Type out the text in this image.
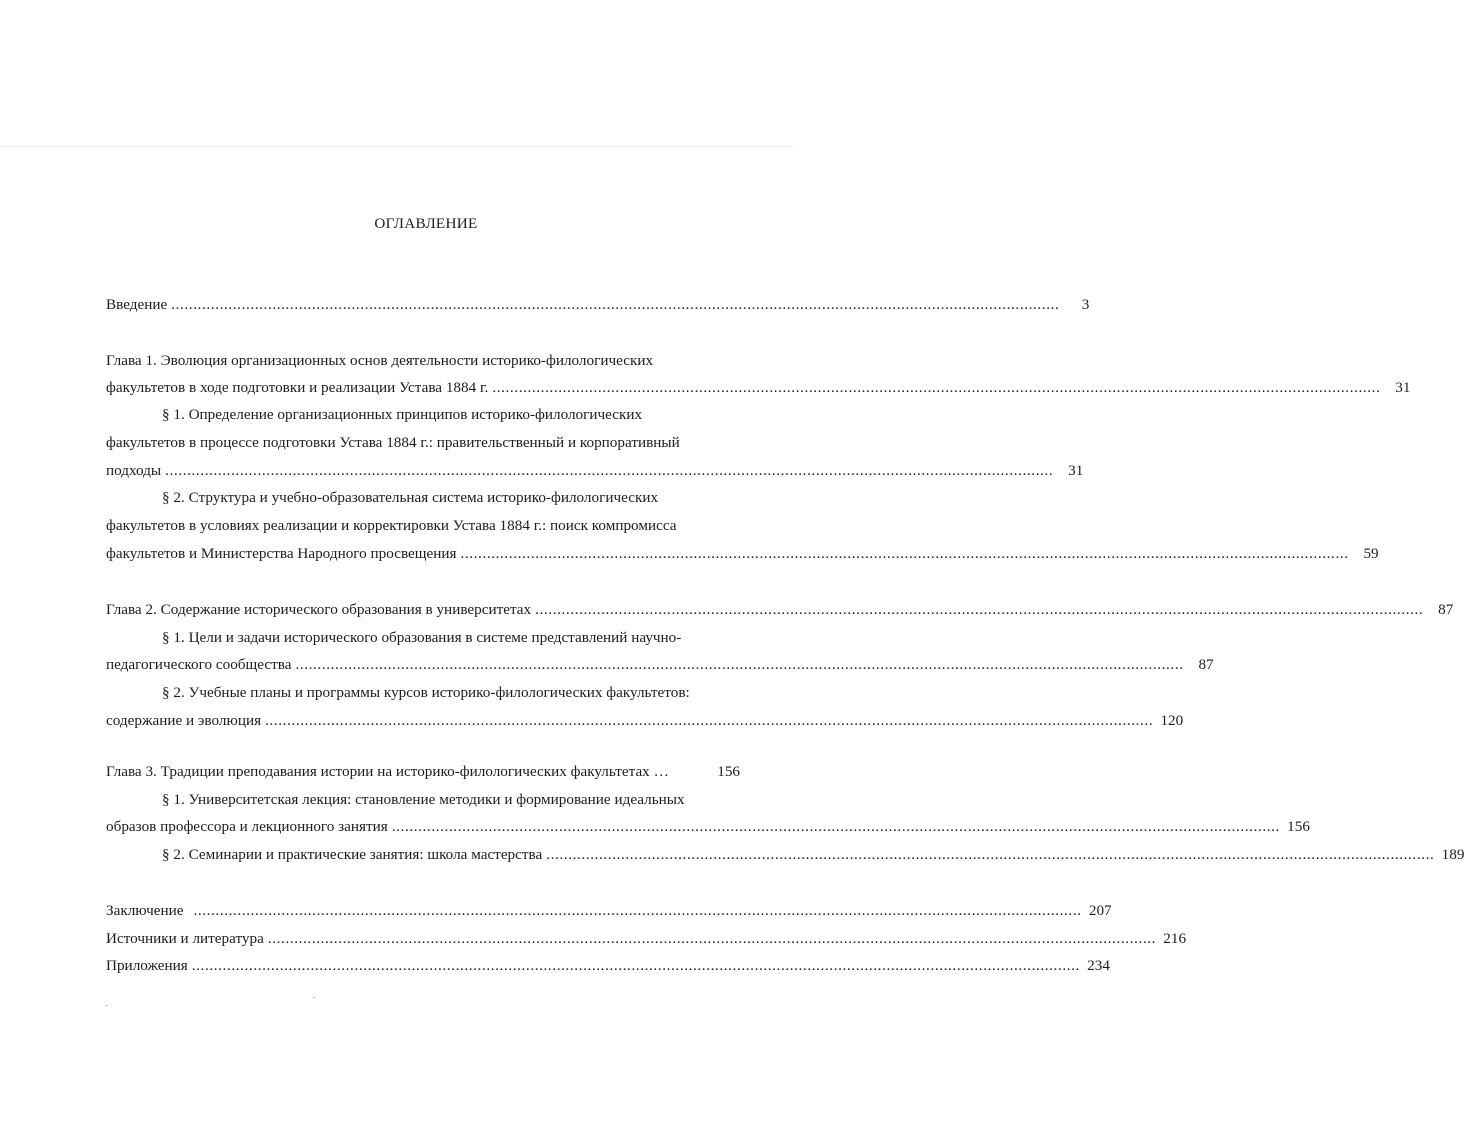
ОГЛАВЛЕНИЕ
Введение ..........................................................................................................................................................................................................	3
Глава 1. Эволюция организационных основ деятельности историко-филологических
факультетов в ходе подготовки и реализации Устава 1884 г. .......................................................................................................................................................................................................... 31
§ 1. Определение организационных принципов историко-филологических
факультетов в процессе подготовки Устава 1884 г.: правительственный и корпоративный
подходы .......................................................................................................................................................................................................... 31
§ 2. Структура и учебно-образовательная система историко-филологических
факультетов в условиях реализации и корректировки Устава 1884 г.: поиск компромисса
факультетов и Министерства Народного просвещения .......................................................................................................................................................................................................... 59
Глава 2. Содержание исторического образования в университетах .......................................................................................................................................................................................................... 87
§ 1. Цели и задачи исторического образования в системе представлений научно-
педагогического сообщества .......................................................................................................................................................................................................... 87
§ 2. Учебные планы и программы курсов историко-филологических факультетов:
содержание и эволюция .......................................................................................................................................................................................................... 120
Глава 3. Традиции преподавания истории на историко-филологических факультетах …	156
§ 1. Университетская лекция: становление методики и формирование идеальных
образов профессора и лекционного занятия .......................................................................................................................................................................................................... 156
§ 2. Семинарии и практические занятия: школа мастерства .......................................................................................................................................................................................................... 189
Заключение .......................................................................................................................................................................................................... 207
Источники и литература .......................................................................................................................................................................................................... 216
Приложения .......................................................................................................................................................................................................... 234
